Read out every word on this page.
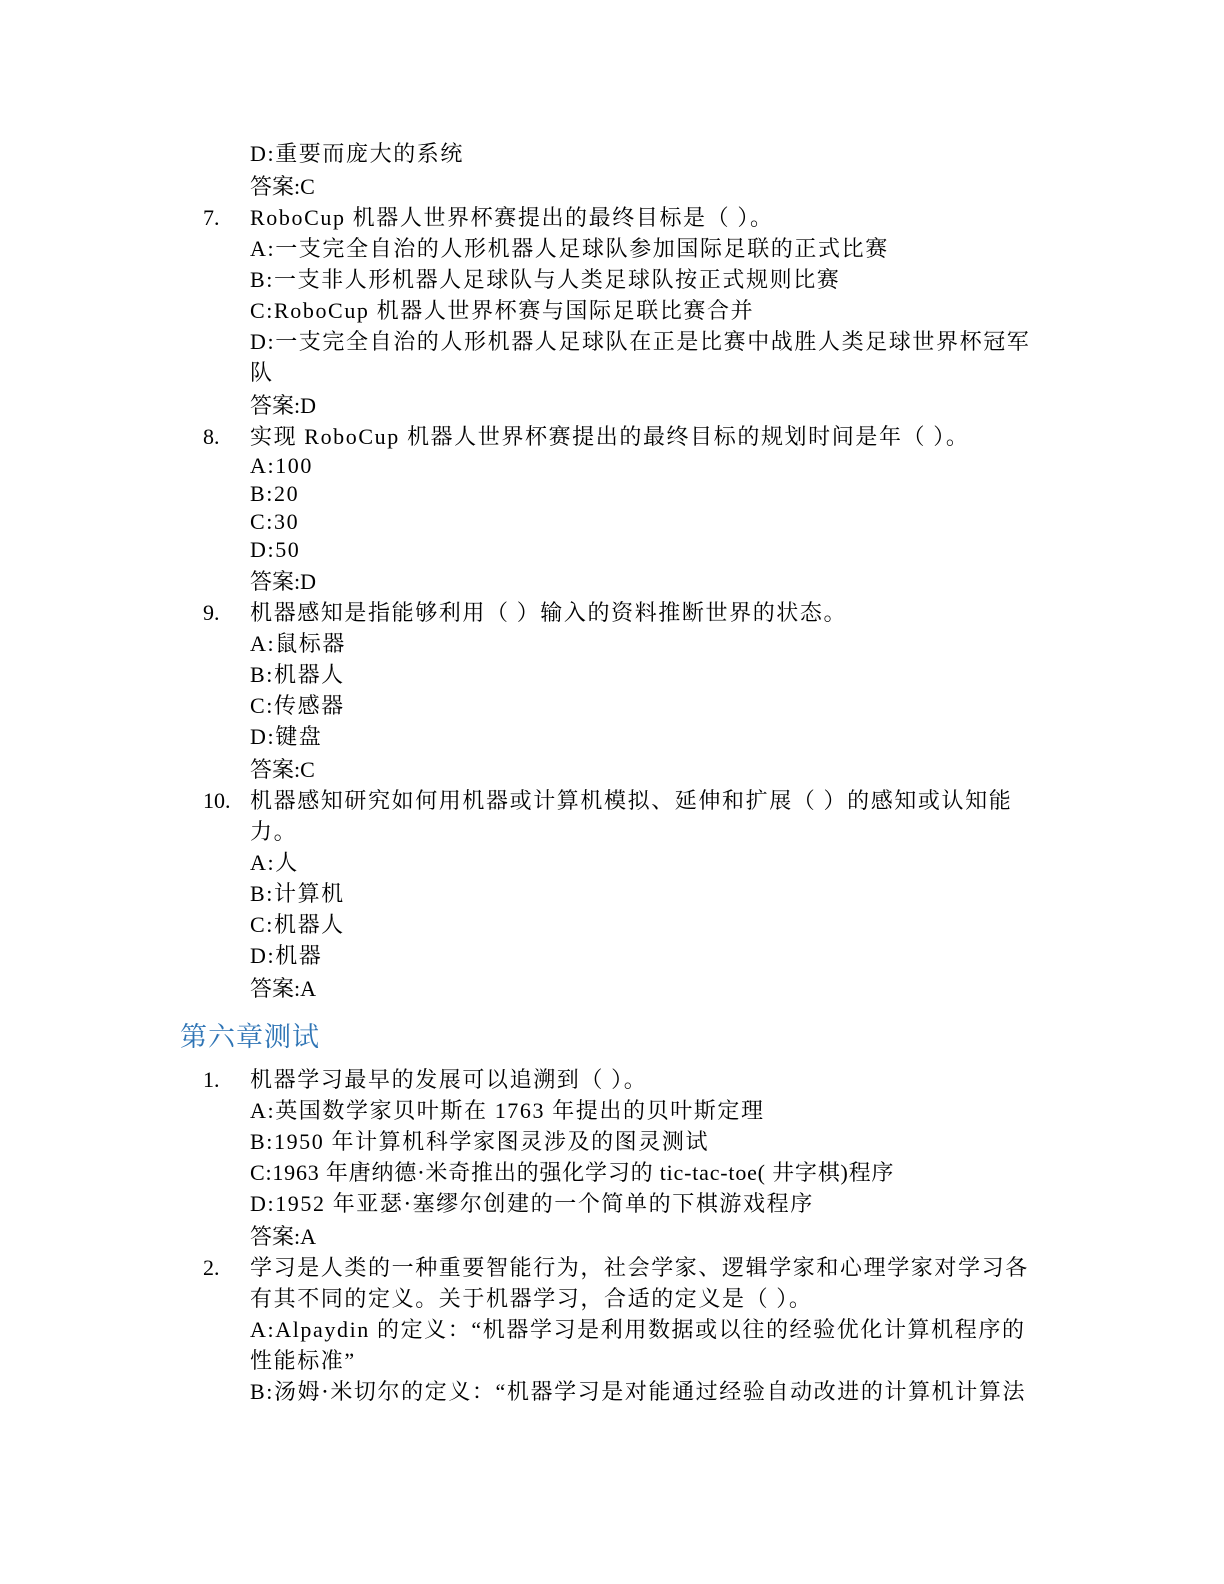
D:重要而庞大的系统
答案:C
7.	RoboCup 机器人世界杯赛提出的最终目标是（ ）。
A:一支完全自治的人形机器人足球队参加国际足联的正式比赛
B:一支非人形机器人足球队与人类足球队按正式规则比赛
C:RoboCup 机器人世界杯赛与国际足联比赛合并
D:一支完全自治的人形机器人足球队在正是比赛中战胜人类足球世界杯冠军
队
答案:D
8.	实现 RoboCup 机器人世界杯赛提出的最终目标的规划时间是年（ ）。
A:100
B:20
C:30
D:50
答案:D
9.	机器感知是指能够利用（ ）输入的资料推断世界的状态。
A:鼠标器
B:机器人
C:传感器
D:键盘
答案:C
10. 机器感知研究如何用机器或计算机模拟、延伸和扩展（ ）的感知或认知能
力。
A:人
B:计算机
C:机器人
D:机器
答案:A
第六章测试
1.	机器学习最早的发展可以追溯到（ ）。
A:英国数学家贝叶斯在 1763 年提出的贝叶斯定理
B:1950 年计算机科学家图灵涉及的图灵测试
C:1963 年唐纳德⋅米奇推出的强化学习的 tic-tac-toe( 井字棋)程序
D:1952 年亚瑟⋅塞缪尔创建的一个简单的下棋游戏程序
答案:A
2.	学习是人类的一种重要智能行为，社会学家、逻辑学家和心理学家对学习各
有其不同的定义。关于机器学习，合适的定义是（ ）。
A:Alpaydin 的定义：“机器学习是利用数据或以往的经验优化计算机程序的
性能标准”
B:汤姆⋅米切尔的定义：“机器学习是对能通过经验自动改进的计算机计算法
